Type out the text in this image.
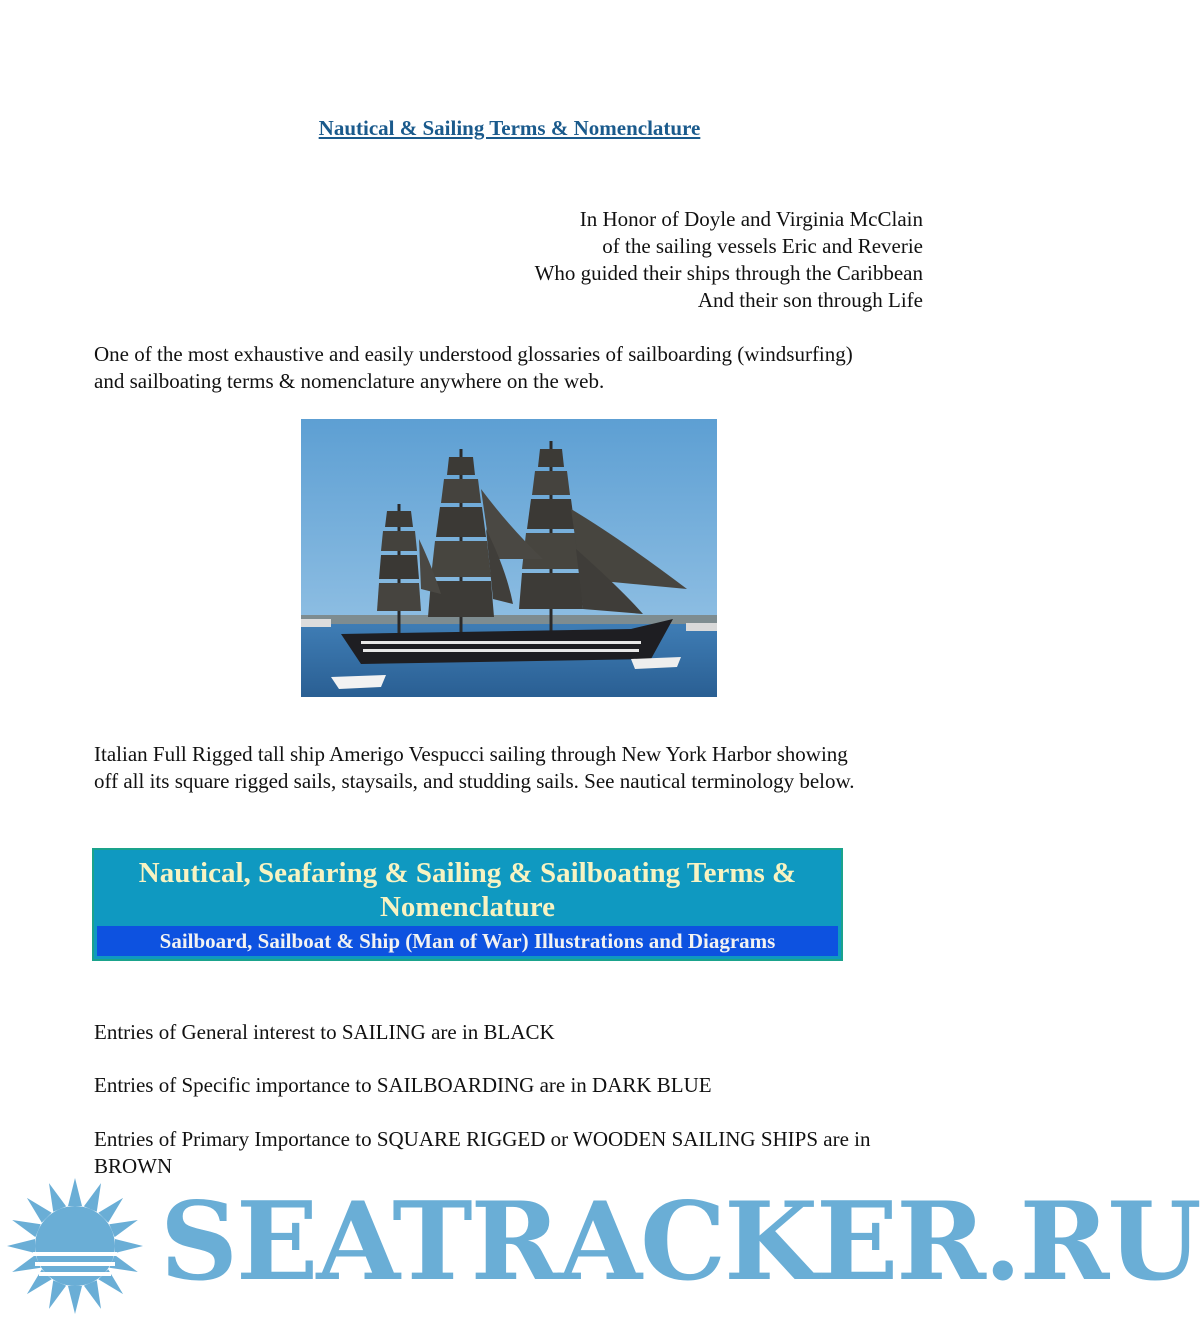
Nautical & Sailing Terms & Nomenclature
In Honor of Doyle and Virginia McClain
of the sailing vessels Eric and Reverie
Who guided their ships through the Caribbean
And their son through Life

One of the most exhaustive and easily understood glossaries of sailboarding (windsurfing) and sailboating terms & nomenclature anywhere on the web.

Italian Full Rigged tall ship Amerigo Vespucci sailing through New York Harbor showing off all its square rigged sails, staysails, and studding sails. See nautical terminology below.

Nautical, Seafaring & Sailing & Sailboating Terms & Nomenclature
Sailboard, Sailboat & Ship (Man of War) Illustrations and Diagrams

Entries of General interest to SAILING are in BLACK

Entries of Specific importance to SAILBOARDING are in DARK BLUE

Entries of Primary Importance to SQUARE RIGGED or WOODEN SAILING SHIPS are in BROWN

SEATRACKER.RU
